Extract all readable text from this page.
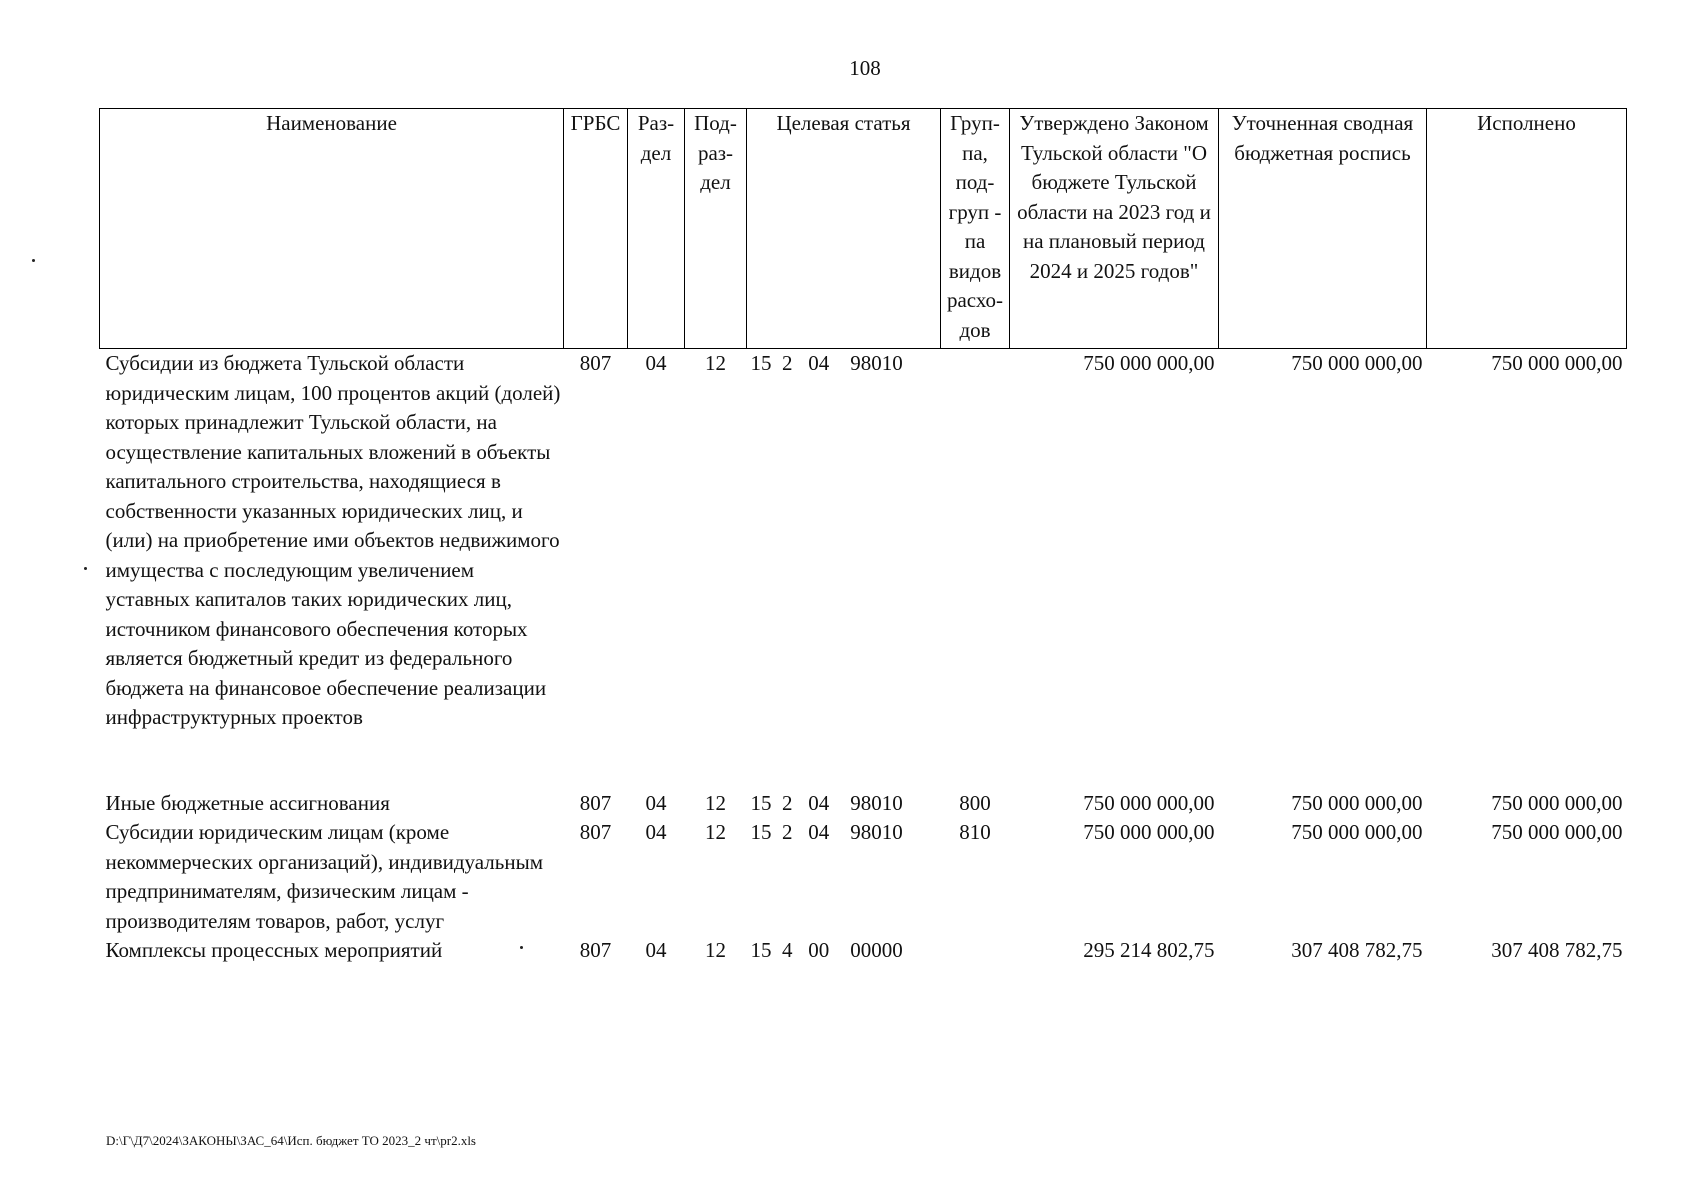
108
Наименование	ГРБС	Раз- дел	Под- раз- дел	Целевая статья	Груп- па, под- груп - па видов расхо- дов	Утверждено Законом Тульской области "О бюджете Тульской области на 2023 год и на плановый период 2024 и 2025 годов"	Уточненная сводная бюджетная роспись	Исполнено
Субсидии из бюджета Тульской области юридическим лицам, 100 процентов акций (долей) которых принадлежит Тульской области, на осуществление капитальных вложений в объекты капитального строительства, находящиеся в собственности указанных юридических лиц, и (или) на приобретение ими объектов недвижимого имущества с последующим увеличением уставных капиталов таких юридических лиц, источником финансового обеспечения которых является бюджетный кредит из федерального бюджета на финансовое обеспечение реализации инфраструктурных проектов	807	04	12	15  2   04    98010		750 000 000,00	750 000 000,00	750 000 000,00

Иные бюджетные ассигнования	807	04	12	15  2   04    98010	800	750 000 000,00	750 000 000,00	750 000 000,00
Субсидии юридическим лицам (кроме некоммерческих организаций), индивидуальным предпринимателям, физическим лицам - производителям товаров, работ, услуг	807	04	12	15  2   04    98010	810	750 000 000,00	750 000 000,00	750 000 000,00
Комплексы процессных мероприятий	807	04	12	15  4   00    00000		295 214 802,75	307 408 782,75	307 408 782,75
D:\Г\Д7\2024\ЗАКОНЫ\ЗАС_64\Исп. бюджет ТО 2023_2 чт\pr2.xls
